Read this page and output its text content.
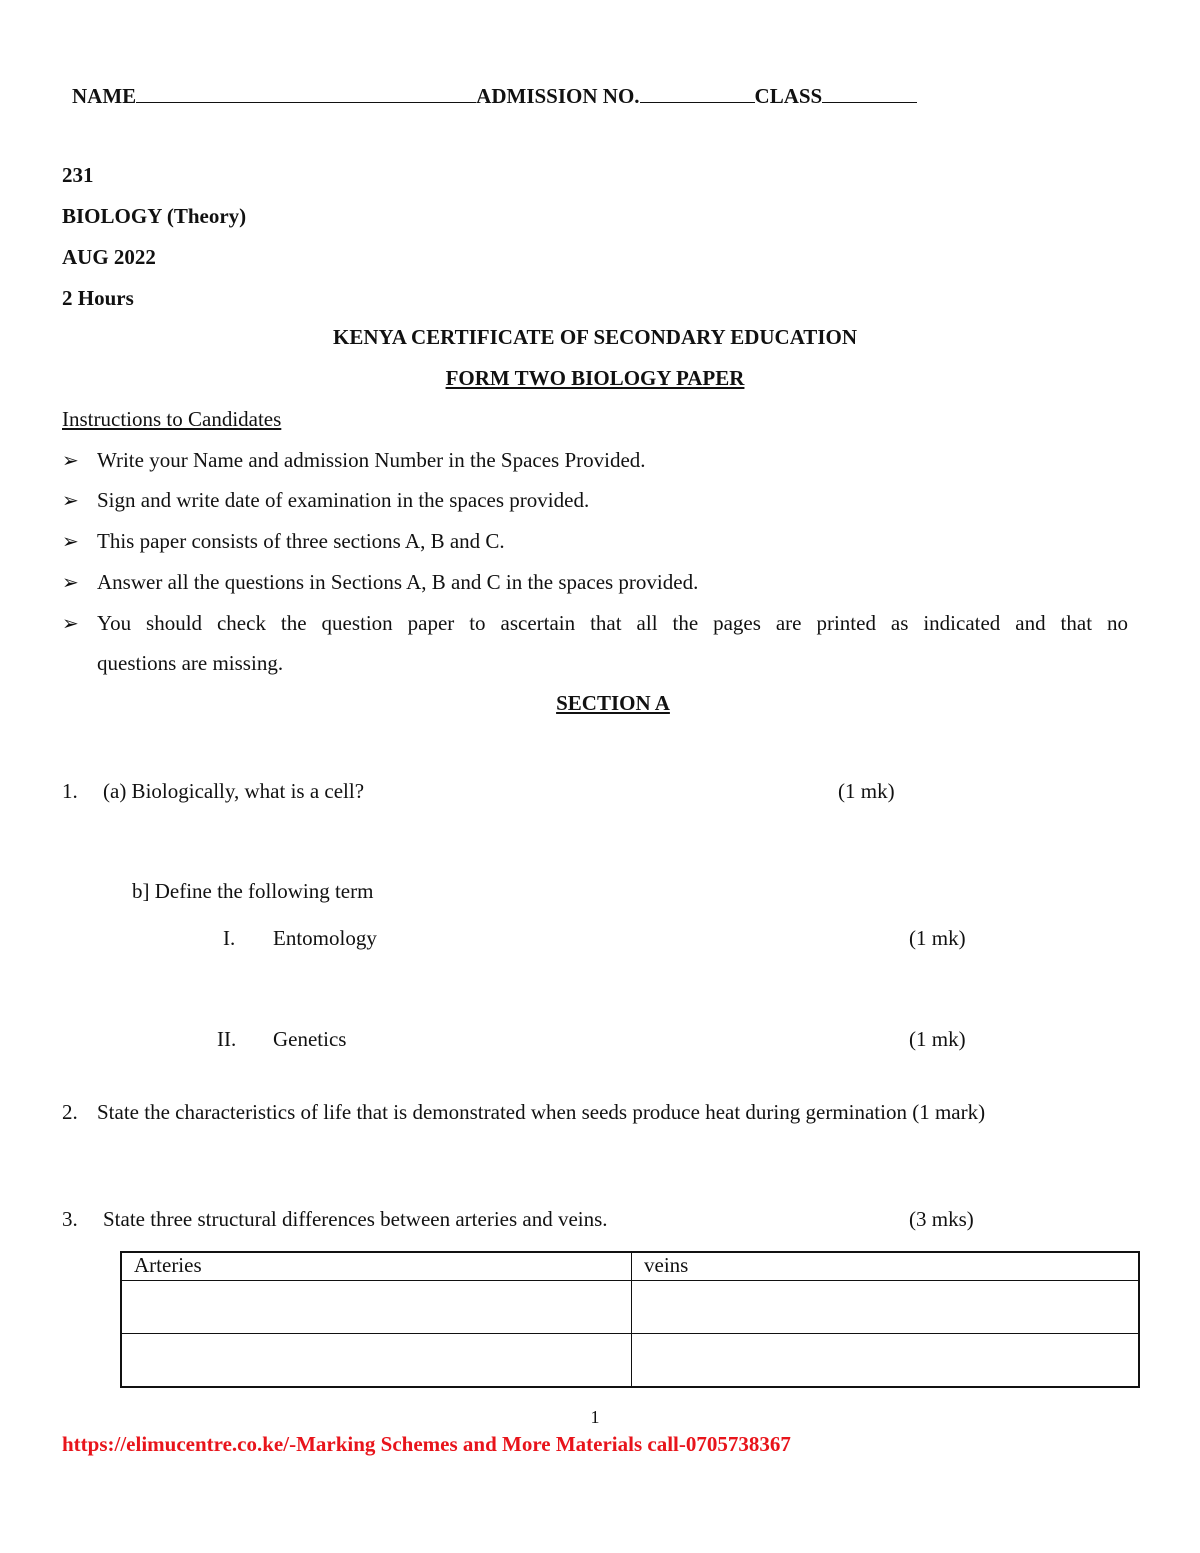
NAME	ADMISSION NO.	CLASS
231
BIOLOGY (Theory)
AUG 2022
2 Hours
KENYA CERTIFICATE OF SECONDARY EDUCATION
FORM TWO BIOLOGY PAPER
Instructions to Candidates
➢ Write your Name and admission Number in the Spaces Provided.
➢ Sign and write date of examination in the spaces provided.
➢ This paper consists of three sections A, B and C.
➢ Answer all the questions in Sections A, B and C in the spaces provided.
➢ You should check the question paper to ascertain that all the pages are printed as indicated and that no
questions are missing.
SECTION A
1. (a) Biologically, what is a cell?	(1 mk)
b] Define the following term
I. Entomology	(1 mk)
II. Genetics	(1 mk)
2. State the characteristics of life that is demonstrated when seeds produce heat during germination (1 mark)
3. State three structural differences between arteries and veins.	(3 mks)
Arteries	veins

1
https://elimucentre.co.ke/-Marking Schemes and More Materials call-0705738367
